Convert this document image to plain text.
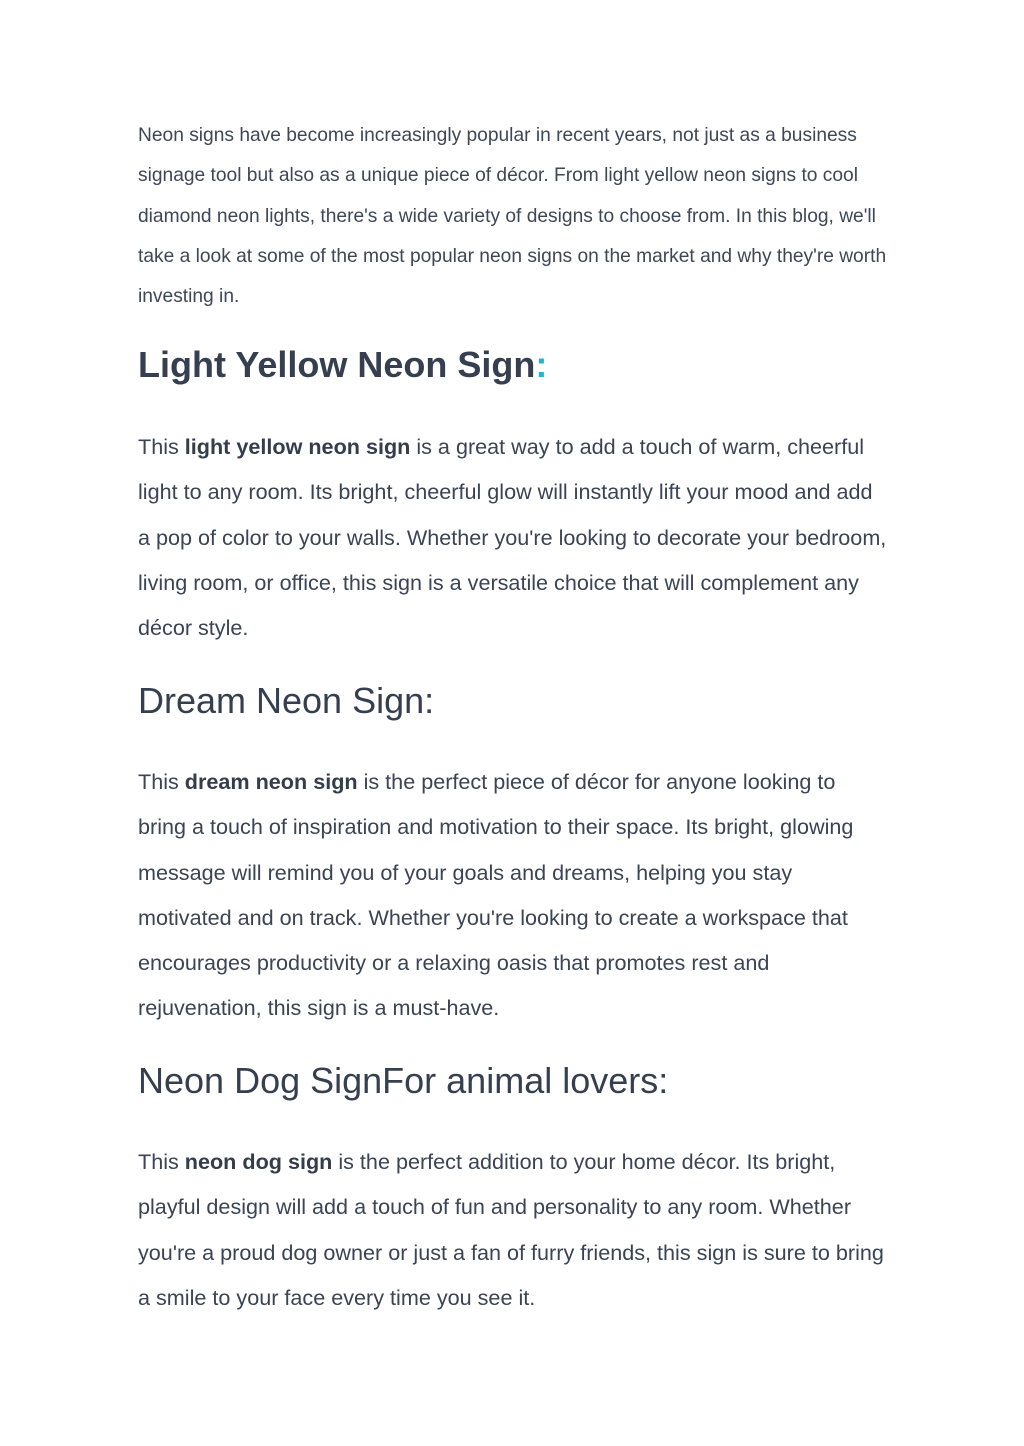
Neon signs have become increasingly popular in recent years, not just as a business signage tool but also as a unique piece of décor. From light yellow neon signs to cool diamond neon lights, there's a wide variety of designs to choose from. In this blog, we'll take a look at some of the most popular neon signs on the market and why they're worth investing in.

Light Yellow Neon Sign:

This light yellow neon sign is a great way to add a touch of warm, cheerful light to any room. Its bright, cheerful glow will instantly lift your mood and add a pop of color to your walls. Whether you're looking to decorate your bedroom, living room, or office, this sign is a versatile choice that will complement any décor style.

Dream Neon Sign:

This dream neon sign is the perfect piece of décor for anyone looking to bring a touch of inspiration and motivation to their space. Its bright, glowing message will remind you of your goals and dreams, helping you stay motivated and on track. Whether you're looking to create a workspace that encourages productivity or a relaxing oasis that promotes rest and rejuvenation, this sign is a must-have.

Neon Dog SignFor animal lovers:

This neon dog sign is the perfect addition to your home décor. Its bright, playful design will add a touch of fun and personality to any room. Whether you're a proud dog owner or just a fan of furry friends, this sign is sure to bring a smile to your face every time you see it.
